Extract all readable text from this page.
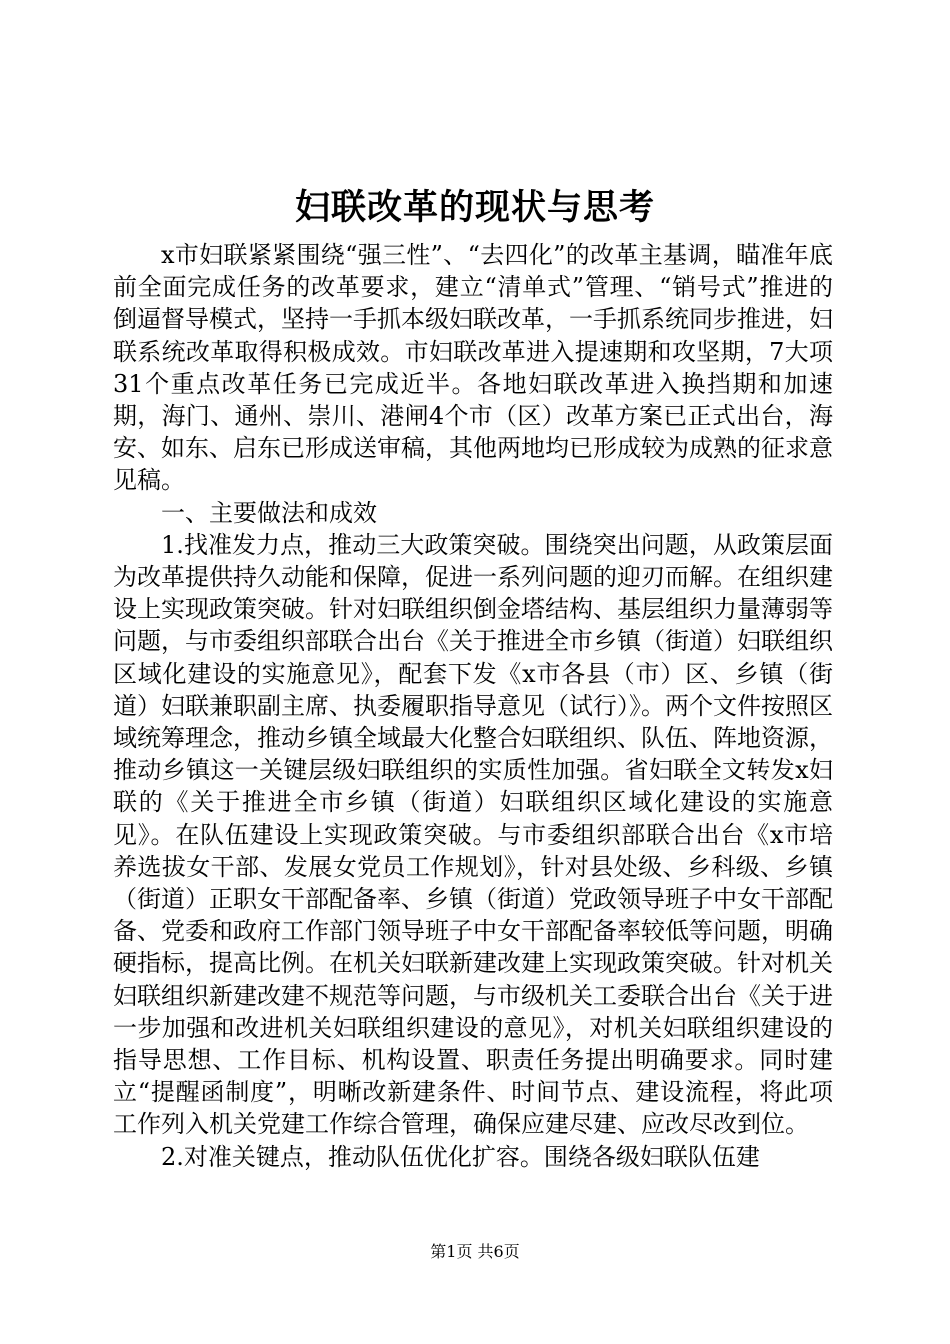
妇联改革的现状与思考

x市妇联紧紧围绕“强三性”、“去四化”的改革主基调，瞄准年底前全面完成任务的改革要求，建立“清单式”管理、“销号式”推进的倒逼督导模式，坚持一手抓本级妇联改革，一手抓系统同步推进，妇联系统改革取得积极成效。市妇联改革进入提速期和攻坚期，7大项31个重点改革任务已完成近半。各地妇联改革进入换挡期和加速期，海门、通州、崇川、港闸4个市（区）改革方案已正式出台，海安、如东、启东已形成送审稿，其他两地均已形成较为成熟的征求意见稿。

一、主要做法和成效

1.找准发力点，推动三大政策突破。围绕突出问题，从政策层面为改革提供持久动能和保障，促进一系列问题的迎刃而解。在组织建设上实现政策突破。针对妇联组织倒金塔结构、基层组织力量薄弱等问题，与市委组织部联合出台《关于推进全市乡镇（街道）妇联组织区域化建设的实施意见》，配套下发《x市各县（市）区、乡镇（街道）妇联兼职副主席、执委履职指导意见（试行）》。两个文件按照区域统筹理念，推动乡镇全域最大化整合妇联组织、队伍、阵地资源，推动乡镇这一关键层级妇联组织的实质性加强。省妇联全文转发x妇联的《关于推进全市乡镇（街道）妇联组织区域化建设的实施意见》。在队伍建设上实现政策突破。与市委组织部联合出台《x市培养选拔女干部、发展女党员工作规划》，针对县处级、乡科级、乡镇（街道）正职女干部配备率、乡镇（街道）党政领导班子中女干部配备、党委和政府工作部门领导班子中女干部配备率较低等问题，明确硬指标，提高比例。在机关妇联新建改建上实现政策突破。针对机关妇联组织新建改建不规范等问题，与市级机关工委联合出台《关于进一步加强和改进机关妇联组织建设的意见》，对机关妇联组织建设的指导思想、工作目标、机构设置、职责任务提出明确要求。同时建立“提醒函制度”，明晰改新建条件、时间节点、建设流程，将此项工作列入机关党建工作综合管理，确保应建尽建、应改尽改到位。

2.对准关键点，推动队伍优化扩容。围绕各级妇联队伍建

第1页 共6页
